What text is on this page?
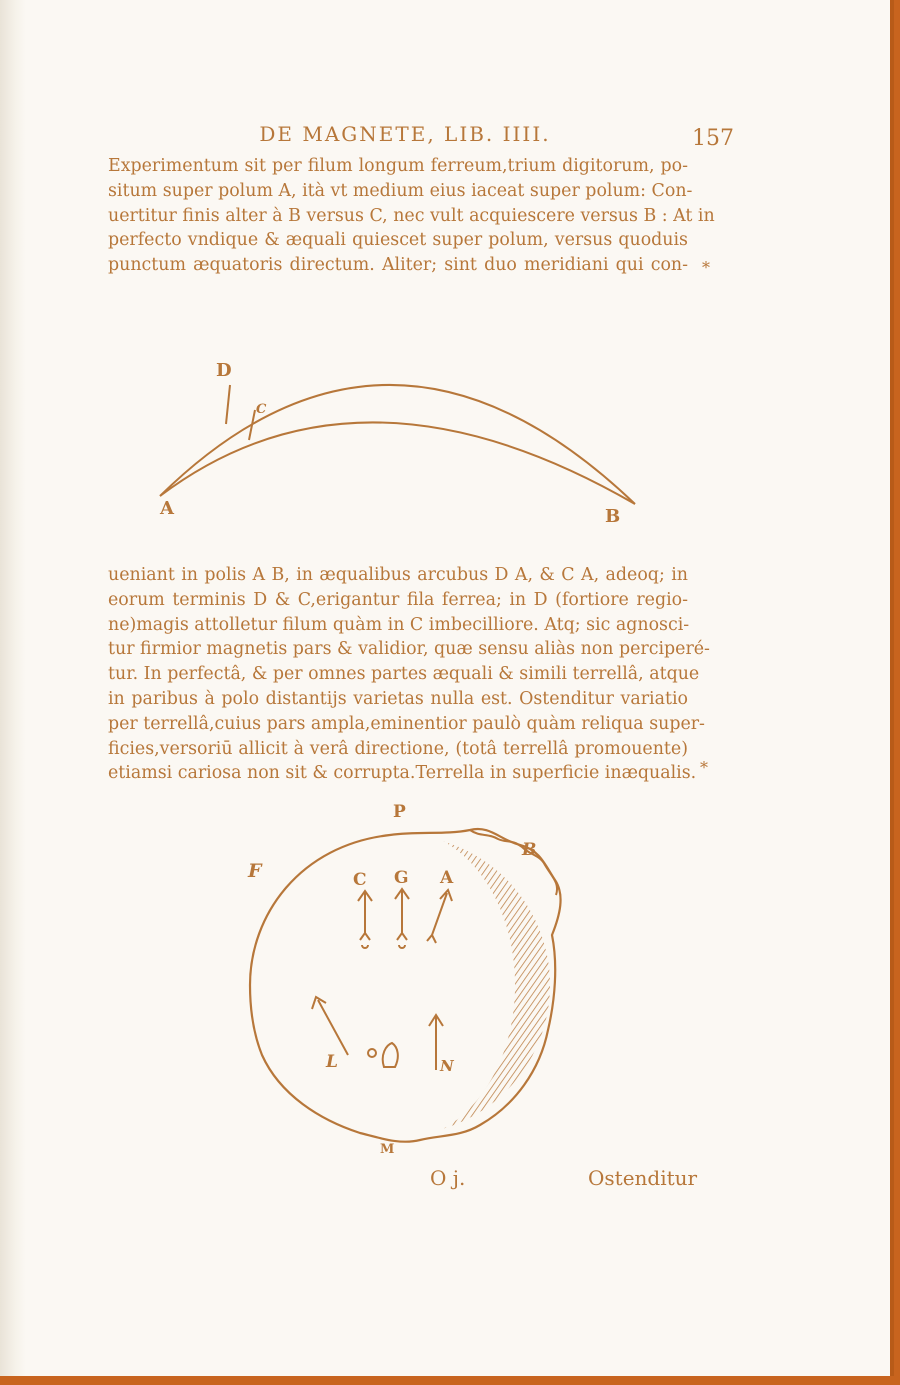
DE MAGNETE, LIB. IIII.	157
Experimentum sit per filum longum ferreum,trium digitorum, po-
situm super polum A, ità vt medium eius iaceat super polum: Con-
uertitur finis alter à B versus C, nec vult acquiescere versus B : At in
perfecto vndique & æquali quiescet super polum, versus quoduis
punctum æquatoris directum. Aliter; sint duo meridiani qui con- *
D
C
A	B
ueniant in polis A B, in æqualibus arcubus D A, & C A, adeoq; in
eorum terminis D & C,erigantur fila ferrea; in D (fortiore regio-
ne)magis attolletur filum quàm in C imbecilliore. Atq; sic agnosci-
tur firmior magnetis pars & validior, quæ sensu aliàs non perciperé-
tur. In perfectâ, & per omnes partes æquali & simili terrellâ, atque
in paribus à polo distantijs varietas nulla est. Ostenditur variatio
per terrellâ,cuius pars ampla,eminentior paulò quàm reliqua super-
ficies,versoriū allicit à verâ directione, (totâ terrellâ promouente)
etiamsi cariosa non sit & corrupta.Terrella in superficie inæqualis. *
C G A
L	N
P
B
F
M
O j.	Ostenditur
